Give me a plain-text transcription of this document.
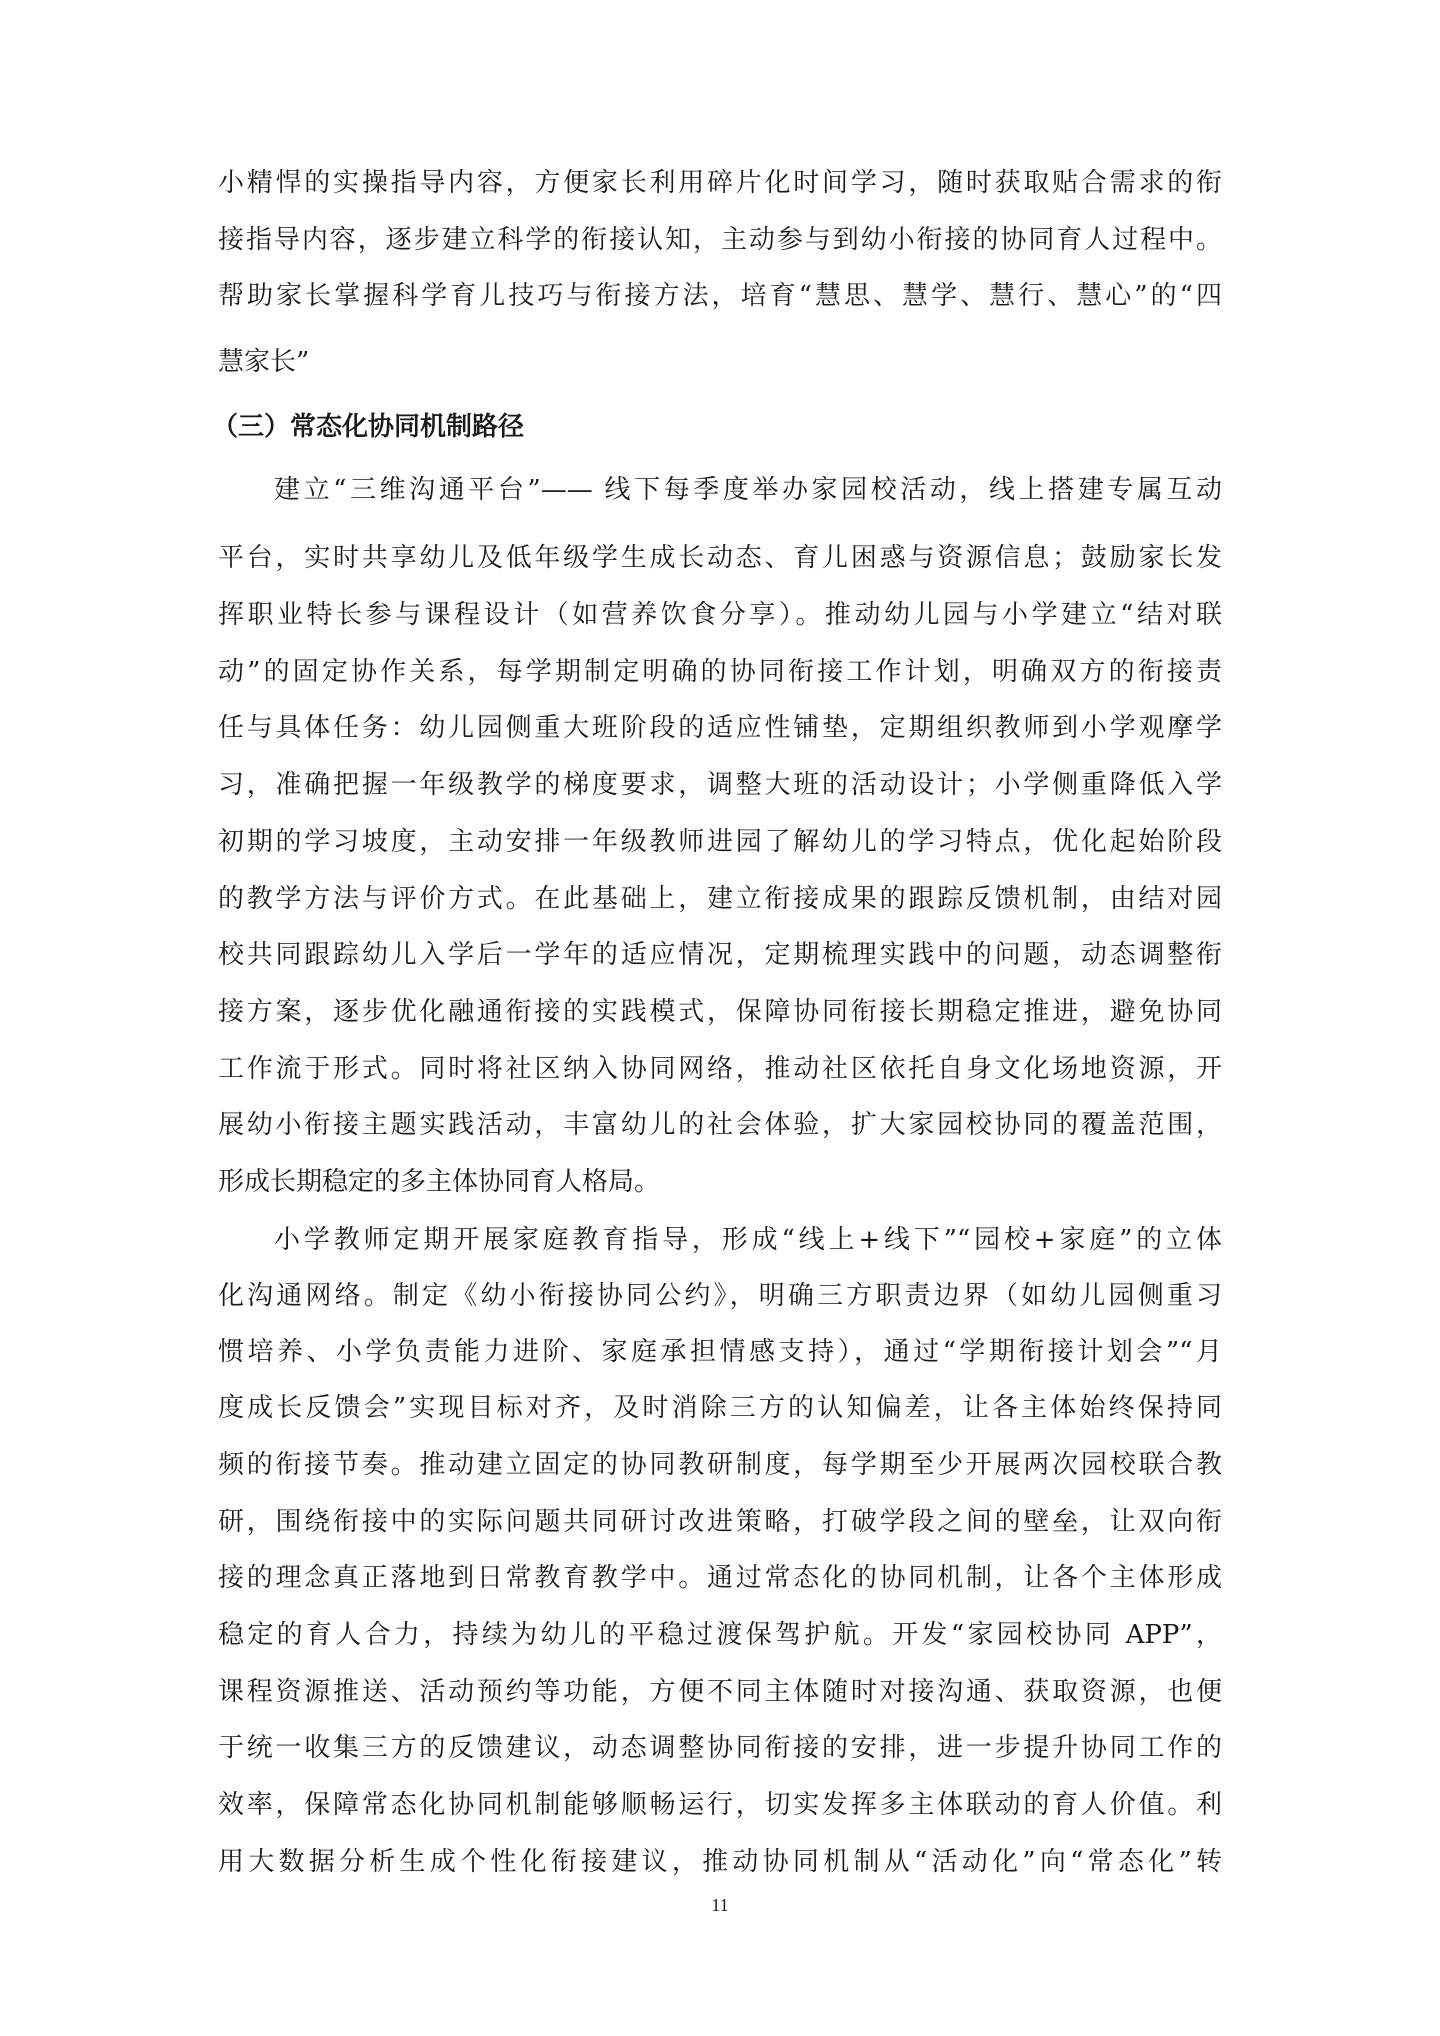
小精悍的实操指导内容，方便家长利用碎片化时间学习，随时获取贴合需求的衔
接指导内容，逐步建立科学的衔接认知，主动参与到幼小衔接的协同育人过程中。
帮助家长掌握科学育儿技巧与衔接方法，培育“慧思、慧学、慧行、慧心”的“四
慧家长”
（三）常态化协同机制路径
建立“三维沟通平台”—— 线下每季度举办家园校活动，线上搭建专属互动
平台，实时共享幼儿及低年级学生成长动态、育儿困惑与资源信息；鼓励家长发
挥职业特长参与课程设计（如营养饮食分享）。推动幼儿园与小学建立“结对联
动”的固定协作关系，每学期制定明确的协同衔接工作计划，明确双方的衔接责
任与具体任务：幼儿园侧重大班阶段的适应性铺垫，定期组织教师到小学观摩学
习，准确把握一年级教学的梯度要求，调整大班的活动设计；小学侧重降低入学
初期的学习坡度，主动安排一年级教师进园了解幼儿的学习特点，优化起始阶段
的教学方法与评价方式。在此基础上，建立衔接成果的跟踪反馈机制，由结对园
校共同跟踪幼儿入学后一学年的适应情况，定期梳理实践中的问题，动态调整衔
接方案，逐步优化融通衔接的实践模式，保障协同衔接长期稳定推进，避免协同
工作流于形式。同时将社区纳入协同网络，推动社区依托自身文化场地资源，开
展幼小衔接主题实践活动，丰富幼儿的社会体验，扩大家园校协同的覆盖范围，
形成长期稳定的多主体协同育人格局。
小学教师定期开展家庭教育指导，形成“线上+线下”“园校+家庭”的立体
化沟通网络。制定《幼小衔接协同公约》，明确三方职责边界（如幼儿园侧重习
惯培养、小学负责能力进阶、家庭承担情感支持），通过“学期衔接计划会”“月
度成长反馈会”实现目标对齐，及时消除三方的认知偏差，让各主体始终保持同
频的衔接节奏。推动建立固定的协同教研制度，每学期至少开展两次园校联合教
研，围绕衔接中的实际问题共同研讨改进策略，打破学段之间的壁垒，让双向衔
接的理念真正落地到日常教育教学中。通过常态化的协同机制，让各个主体形成
稳定的育人合力，持续为幼儿的平稳过渡保驾护航。开发“家园校协同 APP”，
课程资源推送、活动预约等功能，方便不同主体随时对接沟通、获取资源，也便
于统一收集三方的反馈建议，动态调整协同衔接的安排，进一步提升协同工作的
效率，保障常态化协同机制能够顺畅运行，切实发挥多主体联动的育人价值。利
用大数据分析生成个性化衔接建议，推动协同机制从“活动化”向“常态化”转
11
